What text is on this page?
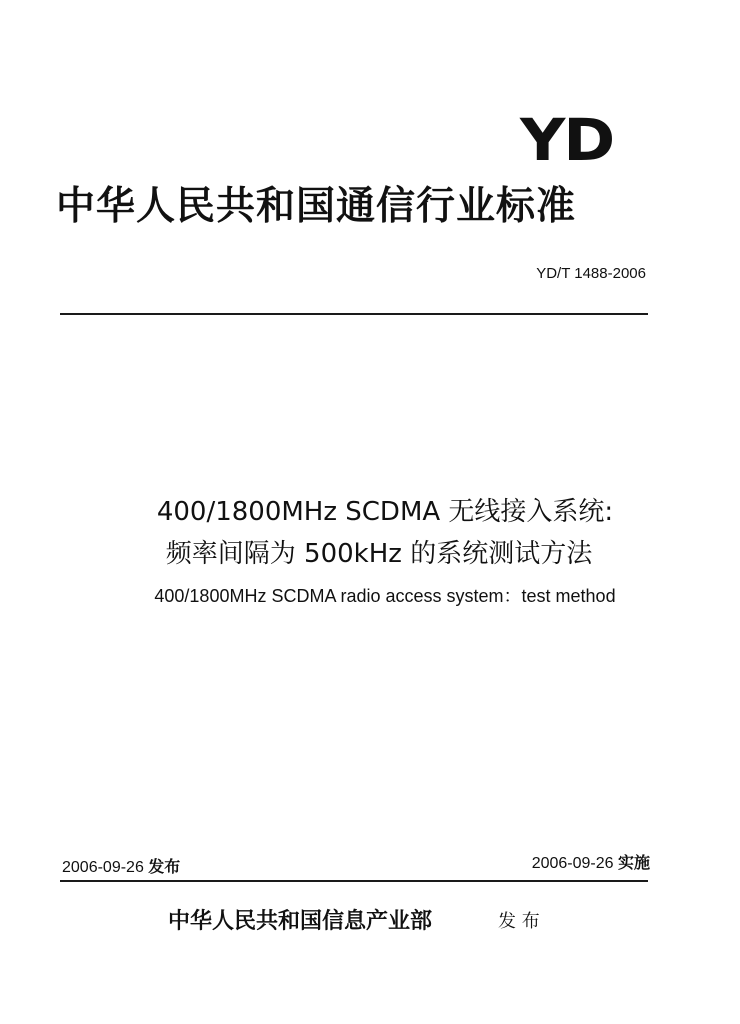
YD
中华人民共和国通信行业标准
YD/T 1488-2006
400/1800MHz SCDMA 无线接入系统:
频率间隔为 500kHz 的系统测试方法
400/1800MHz SCDMA radio access system：test method
2006-09-26 发布	2006-09-26 实施
中华人民共和国信息产业部	发 布
